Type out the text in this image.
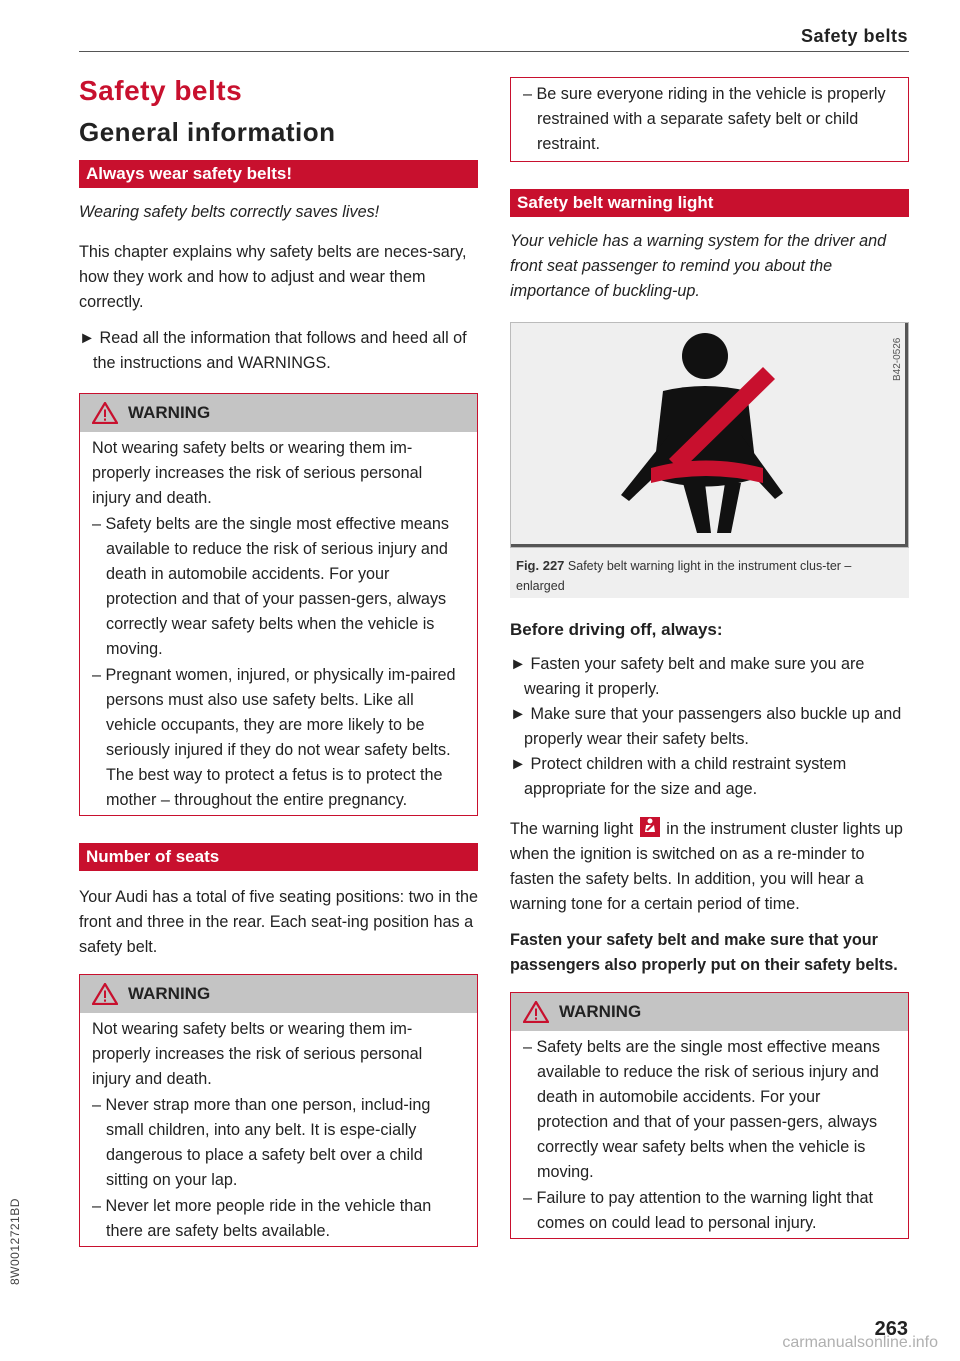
Safety belts
Safety belts
General information
Always wear safety belts!

Wearing safety belts correctly saves lives!

This chapter explains why safety belts are neces-sary, how they work and how to adjust and wear them correctly.

► Read all the information that follows and heed all of the instructions and WARNINGS.
WARNING

Not wearing safety belts or wearing them im-properly increases the risk of serious personal injury and death.

– Safety belts are the single most effective means available to reduce the risk of serious injury and death in automobile accidents. For your protection and that of your passen-gers, always correctly wear safety belts when the vehicle is moving.
– Pregnant women, injured, or physically im-paired persons must also use safety belts. Like all vehicle occupants, they are more likely to be seriously injured if they do not wear safety belts. The best way to protect a fetus is to protect the mother – throughout the entire pregnancy.
Number of seats

Your Audi has a total of five seating positions: two in the front and three in the rear. Each seat-ing position has a safety belt.

WARNING

Not wearing safety belts or wearing them im-properly increases the risk of serious personal injury and death.

– Never strap more than one person, includ-ing small children, into any belt. It is espe-cially dangerous to place a safety belt over a child sitting on your lap.
– Never let more people ride in the vehicle than there are safety belts available.
– Be sure everyone riding in the vehicle is properly restrained with a separate safety belt or child restraint.
Safety belt warning light

Your vehicle has a warning system for the driver and front seat passenger to remind you about the importance of buckling-up.

B42-0526
Fig. 227 Safety belt warning light in the instrument clus-ter – enlarged
Before driving off, always:
► Fasten your safety belt and make sure you are wearing it properly.
► Make sure that your passengers also buckle up and properly wear their safety belts.
► Protect children with a child restraint system appropriate for the size and age.

The warning light in the instrument cluster lights up when the ignition is switched on as a re-minder to fasten the safety belts. In addition, you will hear a warning tone for a certain period of time.

Fasten your safety belt and make sure that your passengers also properly put on their safety belts.

WARNING
– Safety belts are the single most effective means available to reduce the risk of serious injury and death in automobile accidents. For your protection and that of your passen-gers, always correctly wear safety belts when the vehicle is moving.
– Failure to pay attention to the warning light that comes on could lead to personal injury.
8W0012721BD
263
carmanualsonline.info
